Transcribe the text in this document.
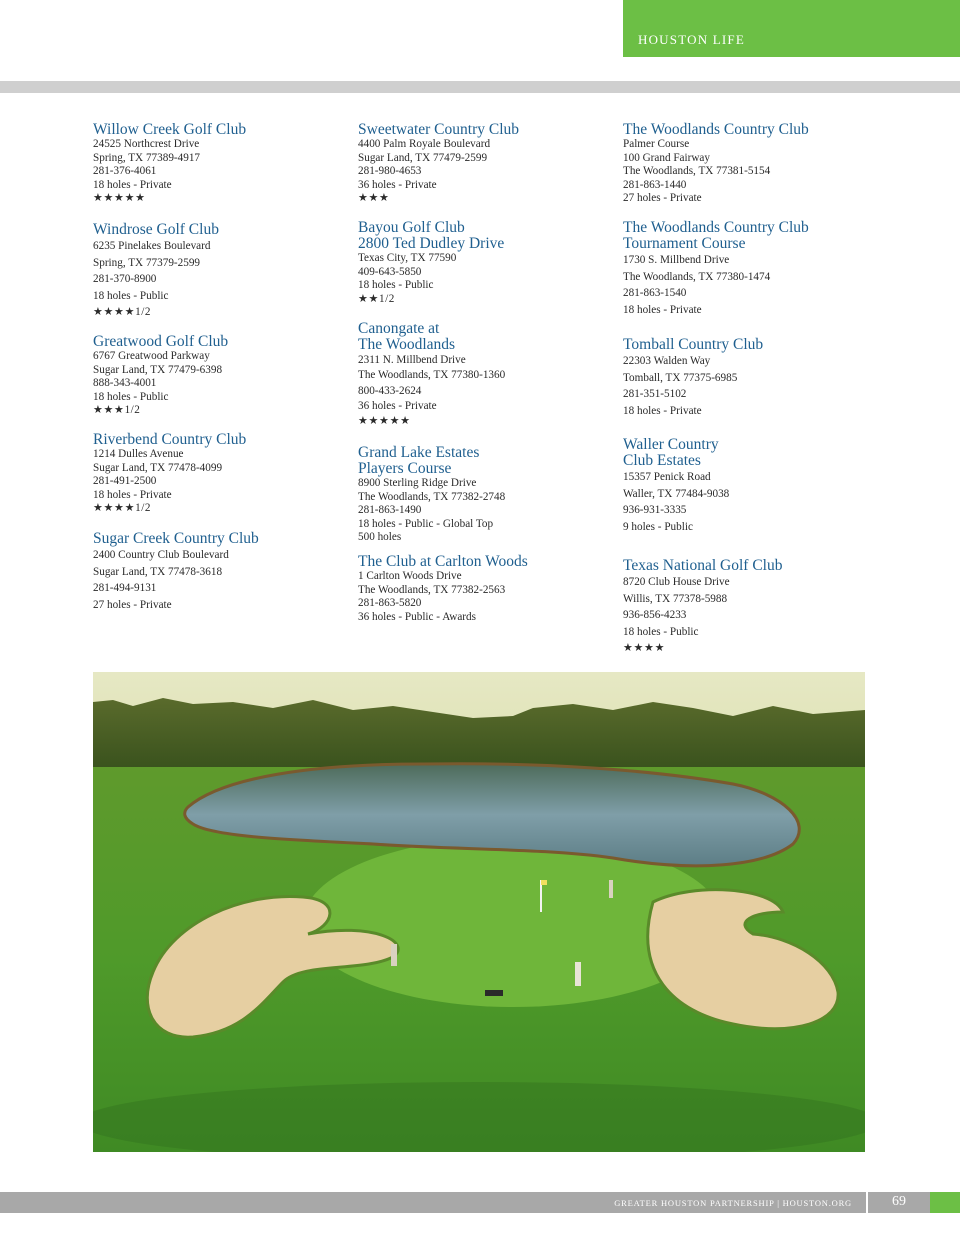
HOUSTON LIFE
Willow Creek Golf Club
24525 Northcrest Drive
Spring, TX 77389-4917
281-376-4061
18 holes - Private
★★★★★
Windrose Golf Club
6235 Pinelakes Boulevard
Spring, TX 77379-2599
281-370-8900
18 holes - Public
★★★★1/2
Greatwood Golf Club
6767 Greatwood Parkway
Sugar Land, TX 77479-6398
888-343-4001
18 holes - Public
★★★1/2
Riverbend Country Club
1214 Dulles Avenue
Sugar Land, TX 77478-4099
281-491-2500
18 holes - Private
★★★★1/2
Sugar Creek Country Club
2400 Country Club Boulevard
Sugar Land, TX 77478-3618
281-494-9131
27 holes - Private
Sweetwater Country Club
4400 Palm Royale Boulevard
Sugar Land, TX 77479-2599
281-980-4653
36 holes - Private
★★★
Bayou Golf Club
2800 Ted Dudley Drive
Texas City, TX 77590
409-643-5850
18 holes - Public
★★1/2
Canongate at
The Woodlands
2311 N. Millbend Drive
The Woodlands, TX 77380-1360
800-433-2624
36 holes - Private
★★★★★
Grand Lake Estates
Players Course
8900 Sterling Ridge Drive
The Woodlands, TX 77382-2748
281-863-1490
18 holes - Public - Global Top
500 holes
The Club at Carlton Woods
1 Carlton Woods Drive
The Woodlands, TX 77382-2563
281-863-5820
36 holes - Public - Awards
The Woodlands Country Club
Palmer Course
100 Grand Fairway
The Woodlands, TX 77381-5154
281-863-1440
27 holes - Private
The Woodlands Country Club
Tournament Course
1730 S. Millbend Drive
The Woodlands, TX 77380-1474
281-863-1540
18 holes - Private
Tomball Country Club
22303 Walden Way
Tomball, TX 77375-6985
281-351-5102
18 holes - Private
Waller Country
Club Estates
15357 Penick Road
Waller, TX 77484-9038
936-931-3335
9 holes - Public
Texas National Golf Club
8720 Club House Drive
Willis, TX 77378-5988
936-856-4233
18 holes - Public
★★★★
GREATER HOUSTON PARTNERSHIP | HOUSTON.ORG	69
